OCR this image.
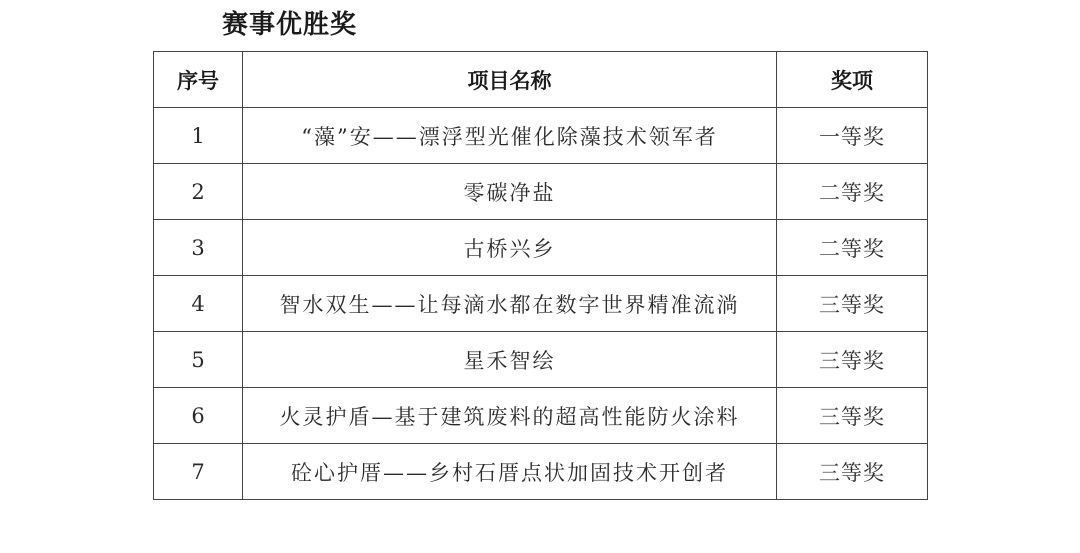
赛事优胜奖
序号	项目名称	奖项
1	“藻”安——漂浮型光催化除藻技术领军者	一等奖
2	零碳净盐	二等奖
3	古桥兴乡	二等奖
4	智水双生——让每滴水都在数字世界精准流淌	三等奖
5	星禾智绘	三等奖
6	火灵护盾—基于建筑废料的超高性能防火涂料	三等奖
7	砼心护厝——乡村石厝点状加固技术开创者	三等奖
